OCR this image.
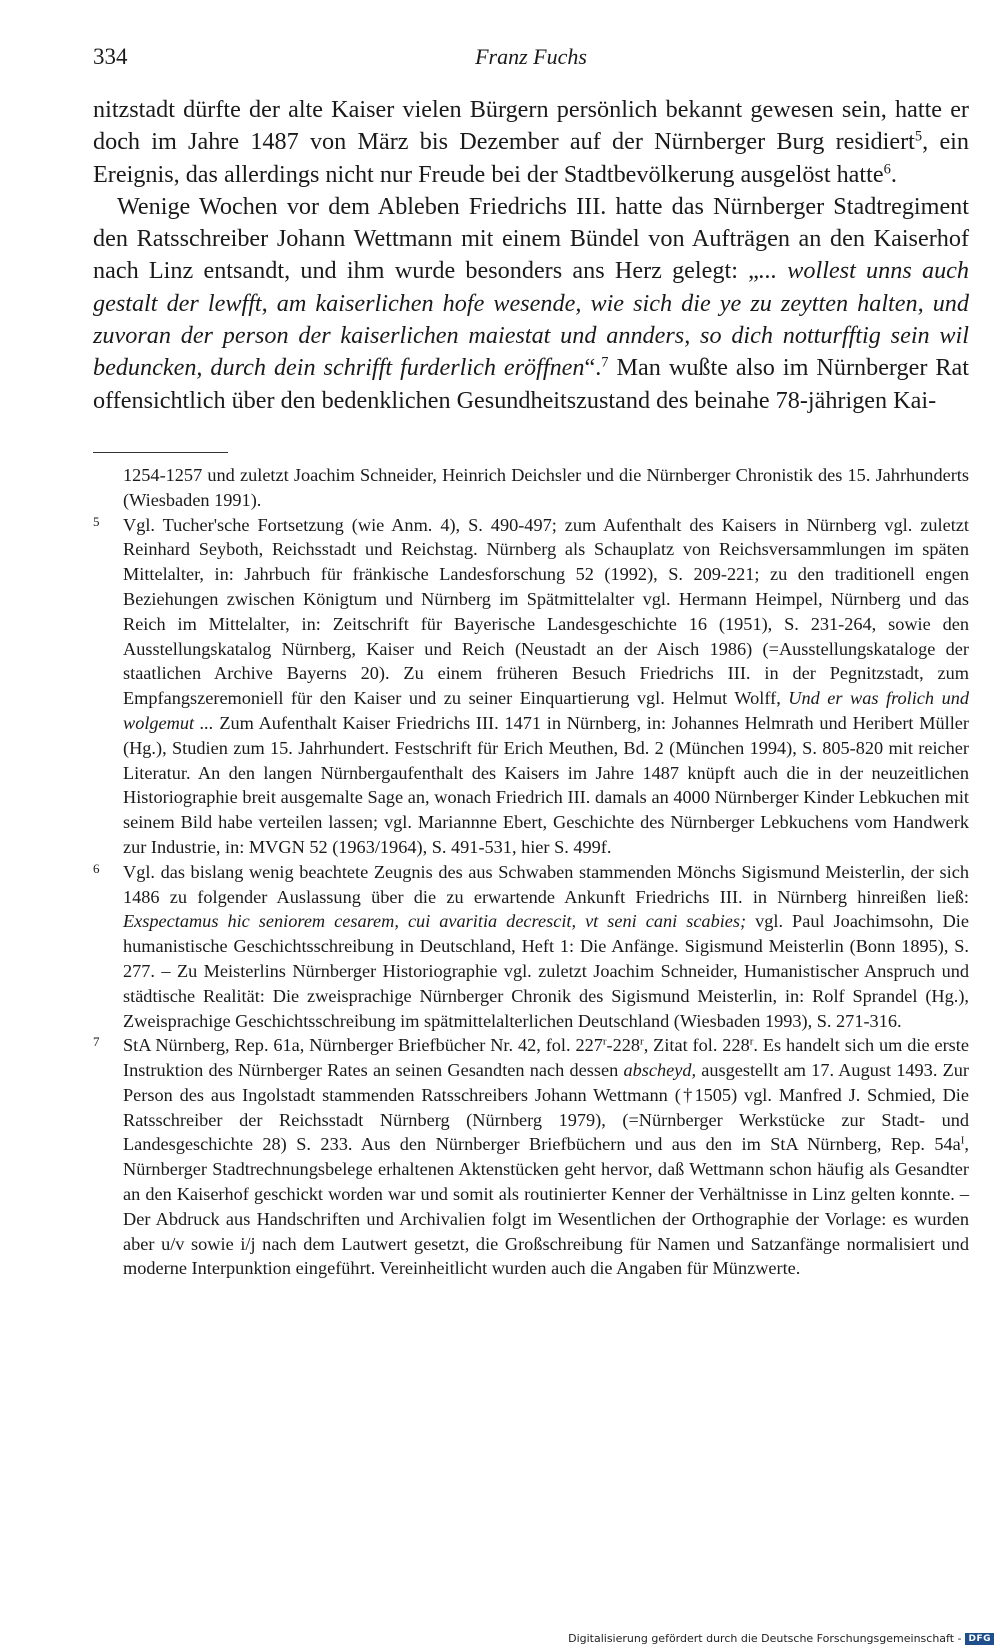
334	Franz Fuchs

nitzstadt dürfte der alte Kaiser vielen Bürgern persönlich bekannt gewesen sein, hatte er doch im Jahre 1487 von März bis Dezember auf der Nürnberger Burg residiert$^5$, ein Ereignis, das allerdings nicht nur Freude bei der Stadtbevölkerung ausgelöst hatte$^6$.

Wenige Wochen vor dem Ableben Friedrichs III. hatte das Nürnberger Stadtregiment den Ratsschreiber Johann Wettmann mit einem Bündel von Aufträgen an den Kaiserhof nach Linz entsandt, und ihm wurde besonders ans Herz gelegt: „... wollest unns auch gestalt der lewfft, am kaiserlichen hofe wesende, wie sich die ye zu zeytten halten, und zuvoran der person der kaiserlichen maiestat und annders, so dich notturfftig sein wil beduncken, durch dein schrifft furderlich eröffnen“.$^7$ Man wußte also im Nürnberger Rat offensichtlich über den bedenklichen Gesundheitszustand des beinahe 78-jährigen Kai-

1254-1257 und zuletzt Joachim Schneider, Heinrich Deichsler und die Nürnberger Chronistik des 15. Jahrhunderts (Wiesbaden 1991).

5 Vgl. Tucher'sche Fortsetzung (wie Anm. 4), S. 490-497; zum Aufenthalt des Kaisers in Nürnberg vgl. zuletzt Reinhard Seyboth, Reichsstadt und Reichstag. Nürnberg als Schauplatz von Reichsversammlungen im späten Mittelalter, in: Jahrbuch für fränkische Landesforschung 52 (1992), S. 209-221; zu den traditionell engen Beziehungen zwischen Königtum und Nürnberg im Spätmittelalter vgl. Hermann Heimpel, Nürnberg und das Reich im Mittelalter, in: Zeitschrift für Bayerische Landesgeschichte 16 (1951), S. 231-264, sowie den Ausstellungskatalog Nürnberg, Kaiser und Reich (Neustadt an der Aisch 1986) (=Ausstellungskataloge der staatlichen Archive Bayerns 20). Zu einem früheren Besuch Friedrichs III. in der Pegnitzstadt, zum Empfangszeremoniell für den Kaiser und zu seiner Einquartierung vgl. Helmut Wolff, Und er was frolich und wolgemut ... Zum Aufenthalt Kaiser Friedrichs III. 1471 in Nürnberg, in: Johannes Helmrath und Heribert Müller (Hg.), Studien zum 15. Jahrhundert. Festschrift für Erich Meuthen, Bd. 2 (München 1994), S. 805-820 mit reicher Literatur. An den langen Nürnbergaufenthalt des Kaisers im Jahre 1487 knüpft auch die in der neuzeitlichen Historiographie breit ausgemalte Sage an, wonach Friedrich III. damals an 4000 Nürnberger Kinder Lebkuchen mit seinem Bild habe verteilen lassen; vgl. Mariannne Ebert, Geschichte des Nürnberger Lebkuchens vom Handwerk zur Industrie, in: MVGN 52 (1963/1964), S. 491-531, hier S. 499f.

6 Vgl. das bislang wenig beachtete Zeugnis des aus Schwaben stammenden Mönchs Sigismund Meisterlin, der sich 1486 zu folgender Auslassung über die zu erwartende Ankunft Friedrichs III. in Nürnberg hinreißen ließ: Exspectamus hic seniorem cesarem, cui avaritia decrescit, vt seni cani scabies; vgl. Paul Joachimsohn, Die humanistische Geschichtsschreibung in Deutschland, Heft 1: Die Anfänge. Sigismund Meisterlin (Bonn 1895), S. 277. – Zu Meisterlins Nürnberger Historiographie vgl. zuletzt Joachim Schneider, Humanistischer Anspruch und städtische Realität: Die zweisprachige Nürnberger Chronik des Sigismund Meisterlin, in: Rolf Sprandel (Hg.), Zweisprachige Geschichtsschreibung im spätmittelalterlichen Deutschland (Wiesbaden 1993), S. 271-316.

7 StA Nürnberg, Rep. 61a, Nürnberger Briefbücher Nr. 42, fol. 227$^r$-228$^r$, Zitat fol. 228$^r$. Es handelt sich um die erste Instruktion des Nürnberger Rates an seinen Gesandten nach dessen abscheyd, ausgestellt am 17. August 1493. Zur Person des aus Ingolstadt stammenden Ratsschreibers Johann Wettmann (†1505) vgl. Manfred J. Schmied, Die Ratsschreiber der Reichsstadt Nürnberg (Nürnberg 1979), (=Nürnberger Werkstücke zur Stadt- und Landesgeschichte 28) S. 233. Aus den Nürnberger Briefbüchern und aus den im StA Nürnberg, Rep. $54a^I$, Nürnberger Stadtrechnungsbelege erhaltenen Aktenstücken geht hervor, daß Wettmann schon häufig als Gesandter an den Kaiserhof geschickt worden war und somit als routinierter Kenner der Verhältnisse in Linz gelten konnte. – Der Abdruck aus Handschriften und Archivalien folgt im Wesentlichen der Orthographie der Vorlage: es wurden aber u/v sowie i/j nach dem Lautwert gesetzt, die Großschreibung für Namen und Satzanfänge normalisiert und moderne Interpunktion eingeführt. Vereinheitlicht wurden auch die Angaben für Münzwerte.

Digitalisierung gefördert durch die Deutsche Forschungsgemeinschaft - DFG
